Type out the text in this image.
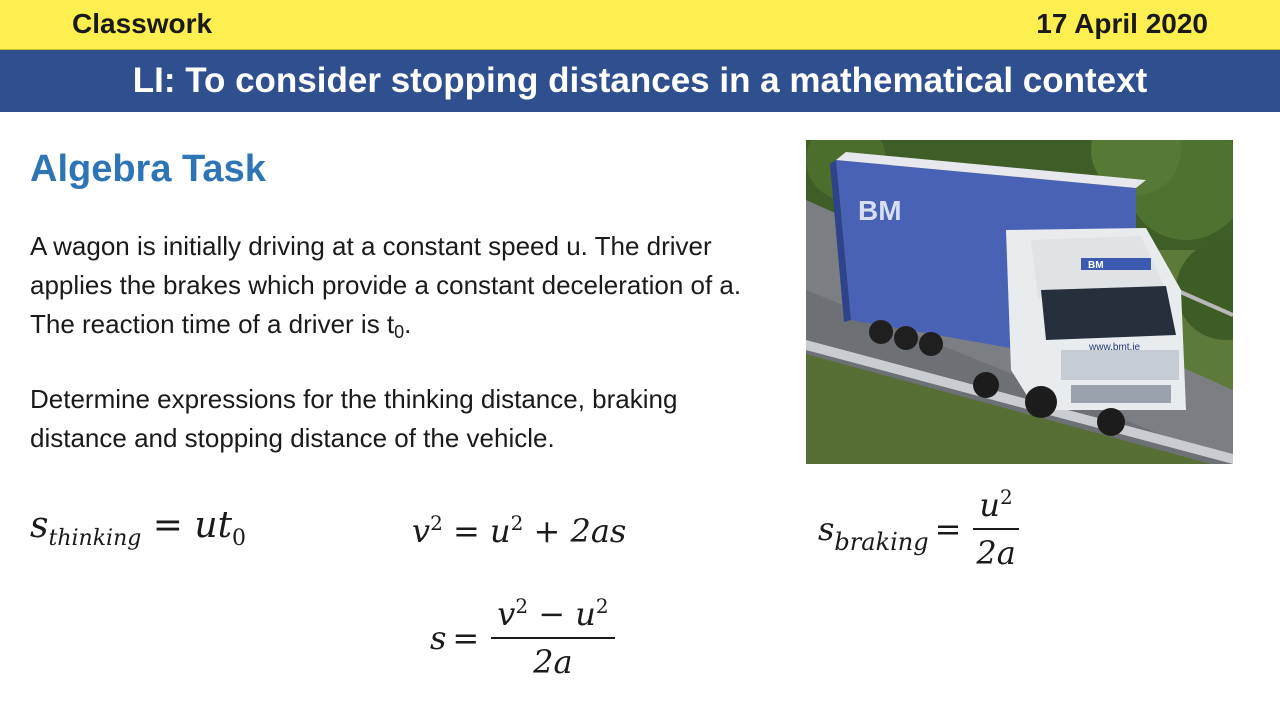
Classwork	17 April 2020
LI: To consider stopping distances in a mathematical context
Algebra Task
A wagon is initially driving at a constant speed u. The driver applies the brakes which provide a constant deceleration of a. The reaction time of a driver is $t_0$.
Determine expressions for the thinking distance, braking distance and stopping distance of the vehicle.
$s_{thinking} = ut_0$	$v^2 = u^2 + 2as$	$s_{braking} = \frac{u^2}{2a}$
$s = \frac{v^2 - u^2}{2a}$
BM
BM
www.bmt.ie
